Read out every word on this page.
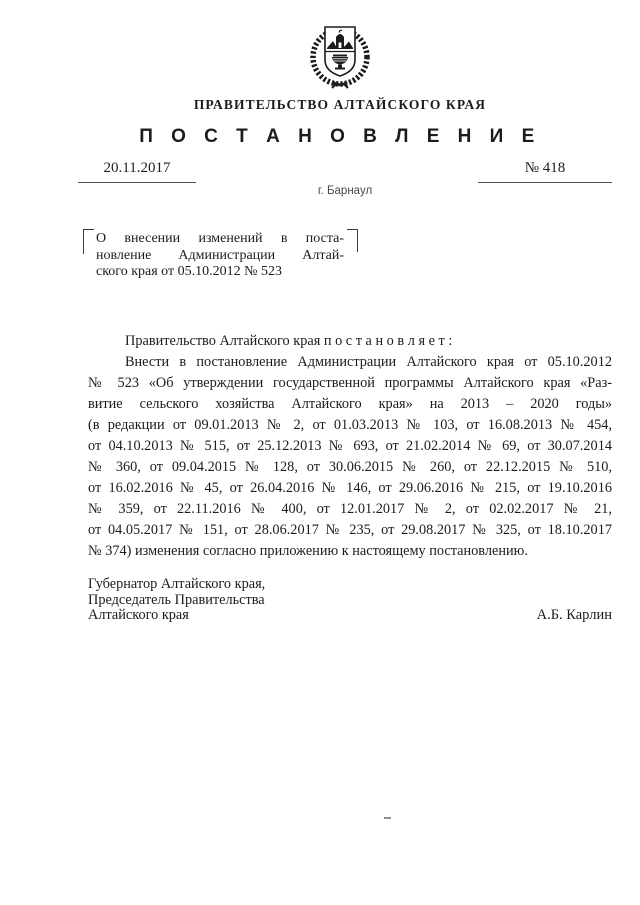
ПРАВИТЕЛЬСТВО АЛТАЙСКОГО КРАЯ
П О С Т А Н О В Л Е Н И Е
20.11.2017	№ 418
г. Барнаул
О внесении изменений в поста-
новление Администрации Алтай-
ского края от 05.10.2012 № 523
Правительство Алтайского края п о с т а н о в л я е т :
Внести в постановление Администрации Алтайского края от 05.10.2012
№ 523 «Об утверждении государственной программы Алтайского края «Раз-
витие сельского хозяйства Алтайского края» на 2013 – 2020 годы»
(в редакции от 09.01.2013 № 2, от 01.03.2013 № 103, от 16.08.2013 № 454,
от 04.10.2013 № 515, от 25.12.2013 № 693, от 21.02.2014 № 69, от 30.07.2014
№ 360, от 09.04.2015 № 128, от 30.06.2015 № 260, от 22.12.2015 № 510,
от 16.02.2016 № 45, от 26.04.2016 № 146, от 29.06.2016 № 215, от 19.10.2016
№ 359, от 22.11.2016 № 400, от 12.01.2017 № 2, от 02.02.2017 № 21,
от 04.05.2017 № 151, от 28.06.2017 № 235, от 29.08.2017 № 325, от 18.10.2017
№ 374) изменения согласно приложению к настоящему постановлению.
Губернатор Алтайского края,
Председатель Правительства
Алтайского края	А.Б. Карлин
